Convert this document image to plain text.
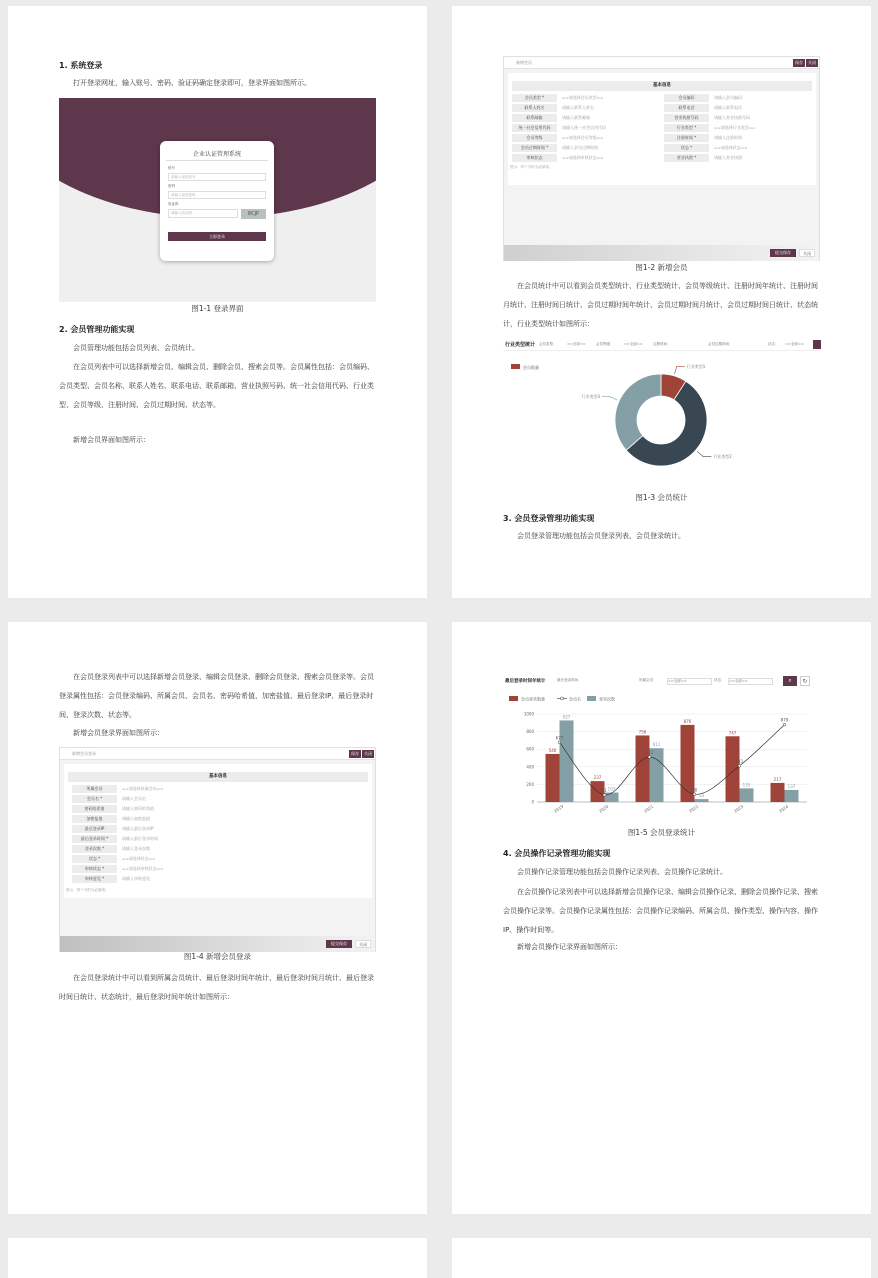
1. 系统登录
打开登录网址，输入账号、密码、验证码确定登录即可，登录界面如图所示。
企业认证管理系统
账号
请输入登录账号
密码
请输入登录密码
验证码
请输入验证码	8CJP
立即登录
图1-1 登录界面
2. 会员管理功能实现
会员管理功能包括会员列表、会员统计。
在会员列表中可以选择新增会员、编辑会员、删除会员、搜索会员等。会员属性包括：会员编码、会员类型、会员名称、联系人姓名、联系电话、联系邮箱、营业执照号码、统一社会信用代码、行业类型、会员等级、注册时间、会员过期时间、状态等。
新增会员界面如图所示：
新增会员	保存	关闭
基本信息
会员类型 *	==请选择会员类型==	会员编码	请输入会员编码
联系人姓名	请输入联系人姓名	联系电话	请输入联系电话
联系邮箱	请输入联系邮箱	营业执照号码	请输入营业执照号码
统一社会信用代码	请输入统一社会信用代码	行业类型 *	==请选择行业类型==
会员等级	==请选择会员等级==	注册时间 *	请输入注册时间
会员过期时间 *	请输入会员过期时间	状态 *	==请选择状态==
审核状态	==请选择审核状态==	营业执照 *	请输入营业执照
提示：带 * 号的为必填项。
提交保存	关闭
图1-2 新增会员
在会员统计中可以看到会员类型统计、行业类型统计、会员等级统计、注册时间年统计、注册时间月统计、注册时间日统计、会员过期时间年统计、会员过期时间月统计、会员过期时间日统计、状态统计，行业类型统计如图所示：
行业类型统计 会员类型：	==全部==	会员等级：	==全部==	注册时间：	会员过期时间：	状态： ==全部==
会员数量	行业类型1
行业类型2
行业类型3
图1-3 会员统计
3. 会员登录管理功能实现
会员登录管理功能包括会员登录列表、会员登录统计。
在会员登录列表中可以选择新增会员登录、编辑会员登录、删除会员登录、搜索会员登录等。会员登录属性包括：会员登录编码、所属会员、会员名、密码哈希值、加密盐值、最后登录IP、最后登录时间、登录次数、状态等。
新增会员登录界面如图所示：
新增会员登录	保存	关闭
基本信息
所属会员	==请选择所属会员==
会员名 *	请输入会员名
密码哈希值	请输入密码哈希值
加密盐值	请输入加密盐值
最后登录IP	请输入最后登录IP
最后登录时间 *	请输入最后登录时间
登录次数 *	请输入登录次数
状态 *	==请选择状态==
审核状态 *	==请选择审核状态==
审核意见 *	请输入审核意见
提示：带 * 号的为必填项。
提交保存	关闭
图1-4 新增会员登录
在会员登录统计中可以看到所属会员统计、最后登录时间年统计、最后登录时间月统计、最后登录时间日统计、状态统计，最后登录时间年统计如图所示：
最后登录时间年统计	最后登录时间：	所属会员：	==全部==	状态： ==全部==	⌕	↻
会员登录数量	会员名	登录次数
0
200
400
600
800
1000
546
927
2019
237
107
2020
756
611
2021
876
33
2022
747
155
2023
217
137
2024
677
81
511
88
411
879
图1-5 会员登录统计
4. 会员操作记录管理功能实现
会员操作记录管理功能包括会员操作记录列表、会员操作记录统计。
在会员操作记录列表中可以选择新增会员操作记录、编辑会员操作记录、删除会员操作记录、搜索会员操作记录等。会员操作记录属性包括：会员操作记录编码、所属会员、操作类型、操作内容、操作IP、操作时间等。
新增会员操作记录界面如图所示：
